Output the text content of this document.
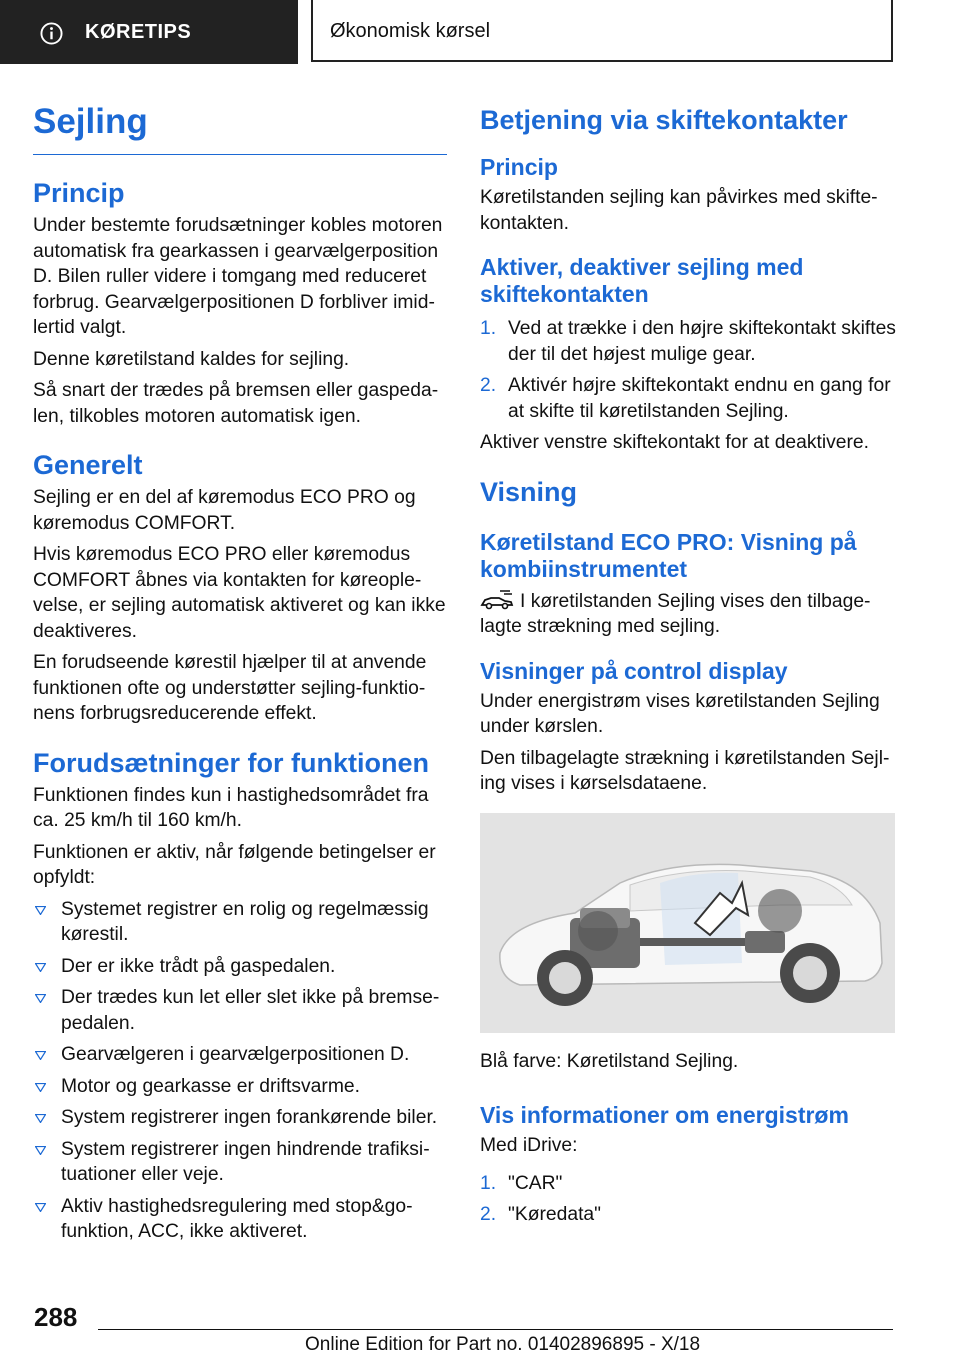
KØRETIPS	Økonomisk kørsel
Sejling
Princip

Under bestemte forudsætninger kobles motoren automatisk fra gearkassen i gearvælgerposition D. Bilen ruller videre i tomgang med reduceret forbrug. Gearvælgerpositionen D forbliver imidlertid valgt.

Denne køretilstand kaldes for sejling.

Så snart der trædes på bremsen eller gaspedalen, tilkobles motoren automatisk igen.

Generelt

Sejling er en del af køremodus ECO PRO og køremodus COMFORT.

Hvis køremodus ECO PRO eller køremodus COMFORT åbnes via kontakten for køreoplevelse, er sejling automatisk aktiveret og kan ikke deaktiveres.

En forudseende kørestil hjælper til at anvende funktionen ofte og understøtter sejling-funktionens forbrugsreducerende effekt.

Forudsætninger for funktionen

Funktionen findes kun i hastighedsområdet fra ca. 25 km/h til 160 km/h.

Funktionen er aktiv, når følgende betingelser er opfyldt:

Systemet registrer en rolig og regelmæssig kørestil.
Der er ikke trådt på gaspedalen.
Der trædes kun let eller slet ikke på bremsepedalen.
Gearvælgeren i gearvælgerpositionen D.
Motor og gearkasse er driftsvarme.
System registrerer ingen forankørende biler.
System registrerer ingen hindrende trafiksituationer eller veje.
Aktiv hastighedsregulering med stop&go-funktion, ACC, ikke aktiveret.
Betjening via skiftekontakter
Princip

Køretilstanden sejling kan påvirkes med skiftekontakten.

Aktiver, deaktiver sejling med skiftekontakten
1. Ved at trække i den højre skiftekontakt skiftes der til det højest mulige gear.
2. Aktivér højre skiftekontakt endnu en gang for at skifte til køretilstanden Sejling.

Aktiver venstre skiftekontakt for at deaktivere.

Visning
Køretilstand ECO PRO: Visning på kombiinstrumentet

I køretilstanden Sejling vises den tilbagelagte strækning med sejling.

Visninger på control display

Under energistrøm vises køretilstanden Sejling under kørslen.

Den tilbagelagte strækning i køretilstanden Sejling vises i kørselsdataene.

Blå farve: Køretilstand Sejling.

Vis informationer om energistrøm

Med iDrive:

1. "CAR"
2. "Køredata"
288
Online Edition for Part no. 01402896895 - X/18
